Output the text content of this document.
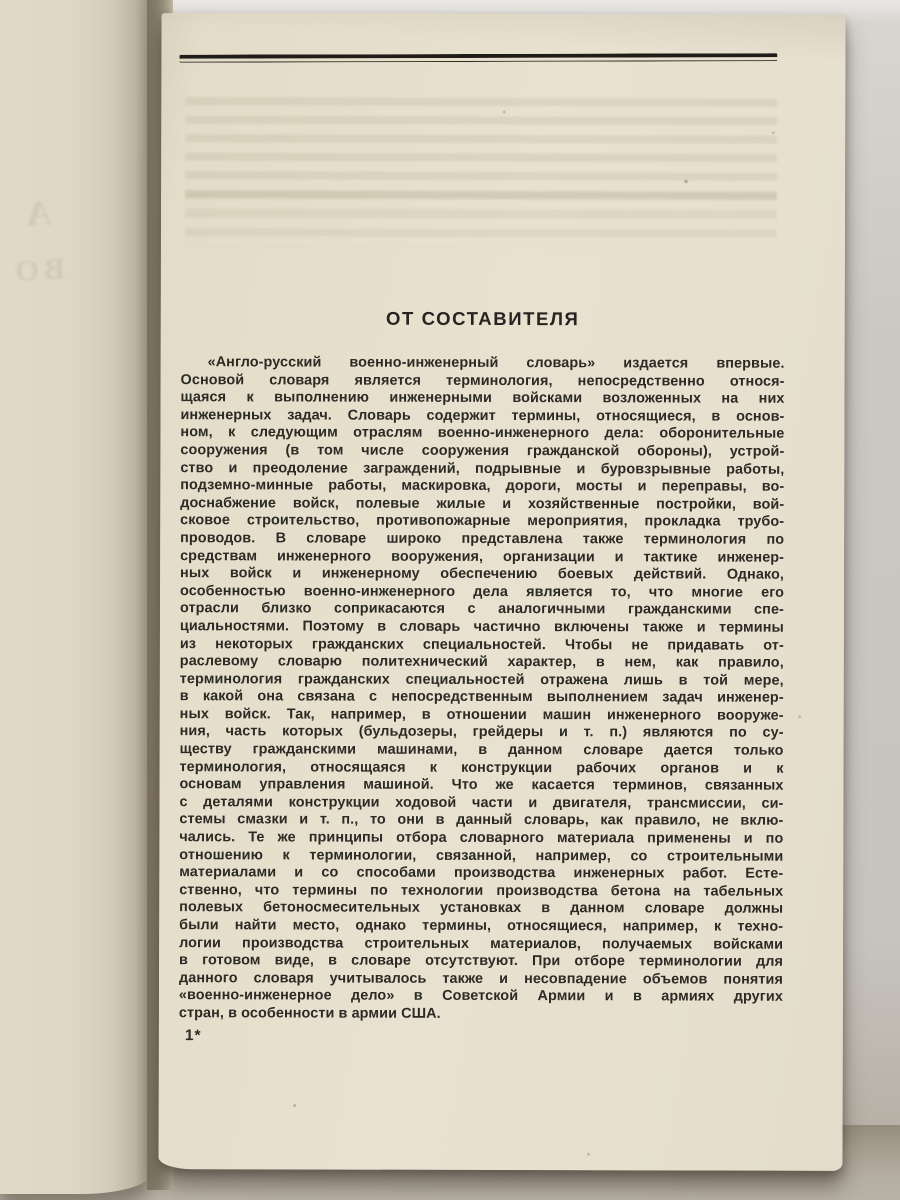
А
ВО
ОТ СОСТАВИТЕЛЯ
«Англо-русский военно-инженерный словарь» издается впервые.
Основой словаря является терминология, непосредственно относя-
щаяся к выполнению инженерными войсками возложенных на них
инженерных задач. Словарь содержит термины, относящиеся, в основ-
ном, к следующим отраслям военно-инженерного дела: оборонительные
сооружения (в том числе сооружения гражданской обороны), устрой-
ство и преодоление заграждений, подрывные и буровзрывные работы,
подземно-минные работы, маскировка, дороги, мосты и переправы, во-
доснабжение войск, полевые жилые и хозяйственные постройки, вой-
сковое строительство, противопожарные мероприятия, прокладка трубо-
проводов. В словаре широко представлена также терминология по
средствам инженерного вооружения, организации и тактике инженер-
ных войск и инженерному обеспечению боевых действий. Однако,
особенностью военно-инженерного дела является то, что многие его
отрасли близко соприкасаются с аналогичными гражданскими спе-
циальностями. Поэтому в словарь частично включены также и термины
из некоторых гражданских специальностей. Чтобы не придавать от-
раслевому словарю политехнический характер, в нем, как правило,
терминология гражданских специальностей отражена лишь в той мере,
в какой она связана с непосредственным выполнением задач инженер-
ных войск. Так, например, в отношении машин инженерного вооруже-
ния, часть которых (бульдозеры, грейдеры и т. п.) являются по су-
ществу гражданскими машинами, в данном словаре дается только
терминология, относящаяся к конструкции рабочих органов и к
основам управления машиной. Что же касается терминов, связанных
с деталями конструкции ходовой части и двигателя, трансмиссии, си-
стемы смазки и т. п., то они в данный словарь, как правило, не вклю-
чались. Те же принципы отбора словарного материала применены и по
отношению к терминологии, связанной, например, со строительными
материалами и со способами производства инженерных работ. Есте-
ственно, что термины по технологии производства бетона на табельных
полевых бетоносмесительных установках в данном словаре должны
были найти место, однако термины, относящиеся, например, к техно-
логии производства строительных материалов, получаемых войсками
в готовом виде, в словаре отсутствуют. При отборе терминологии для
данного словаря учитывалось также и несовпадение объемов понятия
«военно-инженерное дело» в Советской Армии и в армиях других
стран, в особенности в армии США.
1*
